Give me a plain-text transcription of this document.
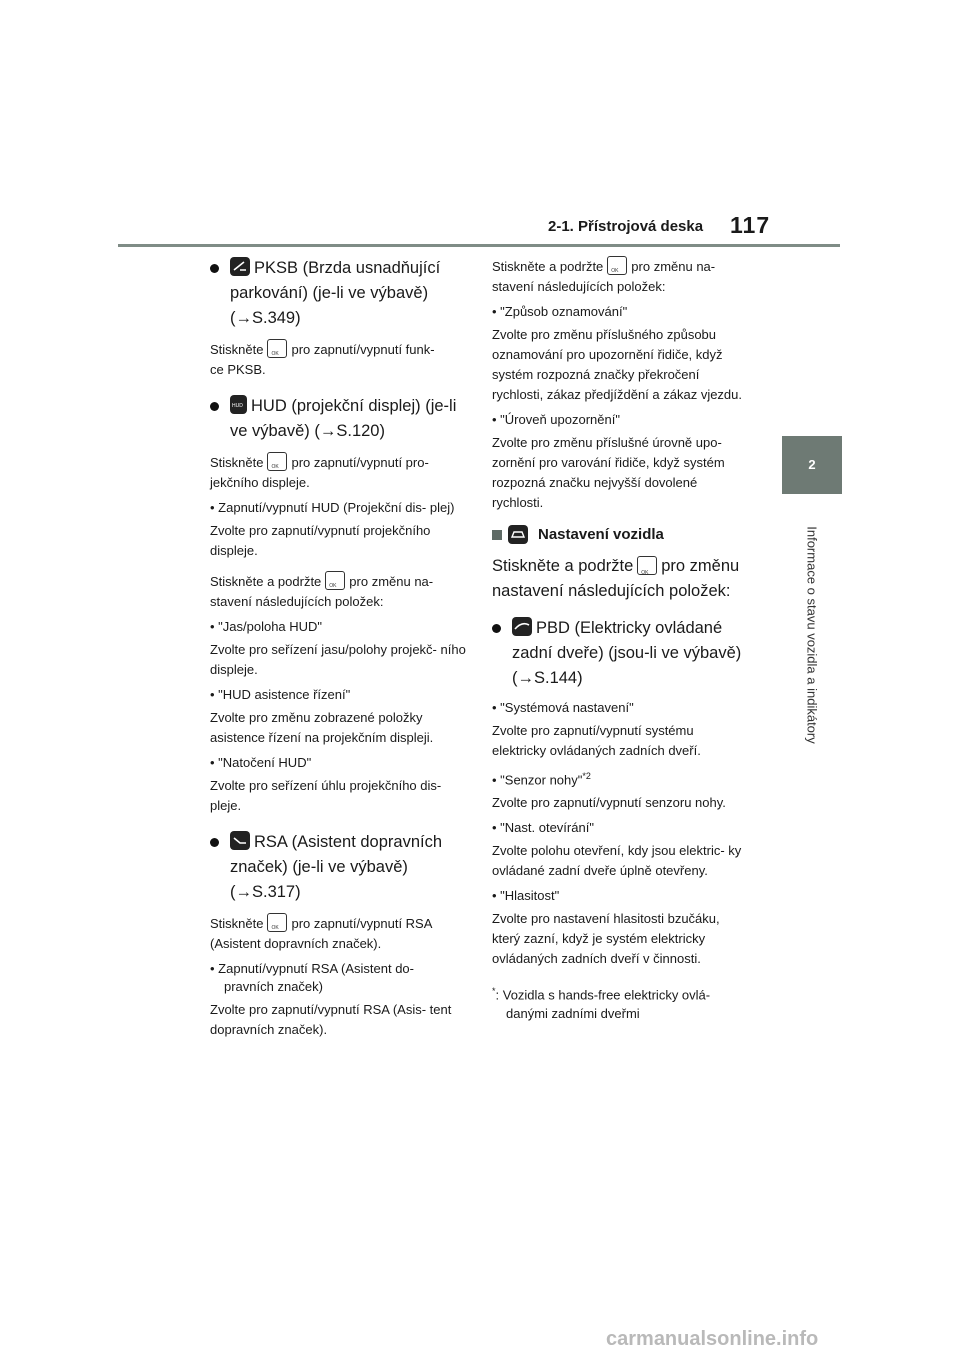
2-1. Přístrojová deska 117
2
Informace o stavu vozidla a indikátory
PKSB (Brzda usnadňující
parkování) (je-li ve výbavě)
(→S.349)

Stiskněte OK pro zapnutí/vypnutí funk-
ce PKSB.

HUD HUD (projekční displej) (je-li
ve výbavě) (→S.120)

Stiskněte OK pro zapnutí/vypnutí pro-
jekčního displeje.

• Zapnutí/vypnutí HUD (Projekční dis- plej)

Zvolte pro zapnutí/vypnutí projekčního displeje.

Stiskněte a podržte OK pro změnu na-
stavení následujících položek:

• "Jas/poloha HUD"

Zvolte pro seřízení jasu/polohy projekč- ního displeje.

• "HUD asistence řízení"

Zvolte pro změnu zobrazené položky asistence řízení na projekčním displeji.

• "Natočení HUD"

Zvolte pro seřízení úhlu projekčního dis- pleje.

RSA (Asistent dopravních
značek) (je-li ve výbavě)
(→S.317)

Stiskněte OK pro zapnutí/vypnutí RSA
(Asistent dopravních značek).

• Zapnutí/vypnutí RSA (Asistent do- pravních značek)

Zvolte pro zapnutí/vypnutí RSA (Asis- tent dopravních značek).

Stiskněte a podržte OK pro změnu na-
stavení následujících položek:

• "Způsob oznamování"

Zvolte pro změnu příslušného způsobu oznamování pro upozornění řidiče, když systém rozpozná značky překročení rychlosti, zákaz předjíždění a zákaz vjezdu.

• "Úroveň upozornění"

Zvolte pro změnu příslušné úrovně upo- zornění pro varování řidiče, když systém rozpozná značku nejvyšší dovolené rychlosti.

Nastavení vozidla

Stiskněte a podržte OK pro změnu
nastavení následujících položek:

PBD (Elektricky ovládané
zadní dveře) (jsou-li ve výbavě)
(→S.144)

• "Systémová nastavení"

Zvolte pro zapnutí/vypnutí systému elektricky ovládaných zadních dveří.

• "Senzor nohy"$^{*2}$

Zvolte pro zapnutí/vypnutí senzoru nohy.

• "Nast. otevírání"

Zvolte polohu otevření, kdy jsou elektric- ky ovládané zadní dveře úplně otevřeny.

• "Hlasitost"

Zvolte pro nastavení hlasitosti bzučáku, který zazní, když je systém elektricky ovládaných zadních dveří v činnosti.

*: Vozidla s hands-free elektricky ovlá- danými zadními dveřmi

carmanualsonline.info
